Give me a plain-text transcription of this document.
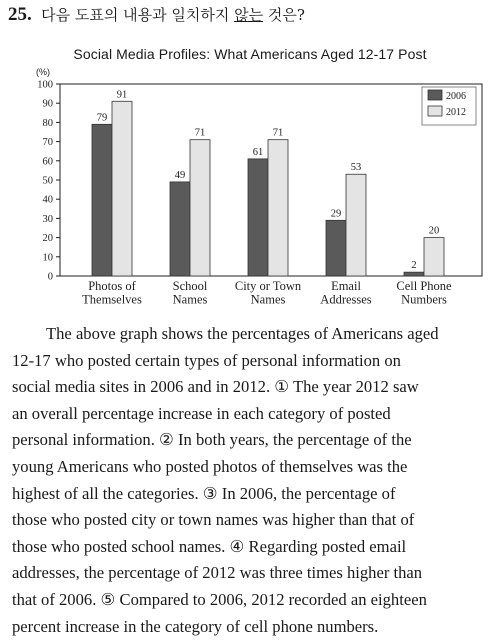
25. 다음 도표의 내용과 일치하지 않는 것은?
Social Media Profiles: What Americans Aged 12-17 Post
(%)
0
10
20
30
40
50
60
70
80
90
100
79
91
Photos of
Themselves
49
71
School
Names
61
71
City or Town
Names
29
53
Email
Addresses
2
20
Cell Phone
Numbers
2006
2012
The above graph shows the percentages of Americans aged
12-17 who posted certain types of personal information on
social media sites in 2006 and in 2012. ① The year 2012 saw
an overall percentage increase in each category of posted
personal information. ② In both years, the percentage of the
young Americans who posted photos of themselves was the
highest of all the categories. ③ In 2006, the percentage of
those who posted city or town names was higher than that of
those who posted school names. ④ Regarding posted email
addresses, the percentage of 2012 was three times higher than
that of 2006. ⑤ Compared to 2006, 2012 recorded an eighteen
percent increase in the category of cell phone numbers.
